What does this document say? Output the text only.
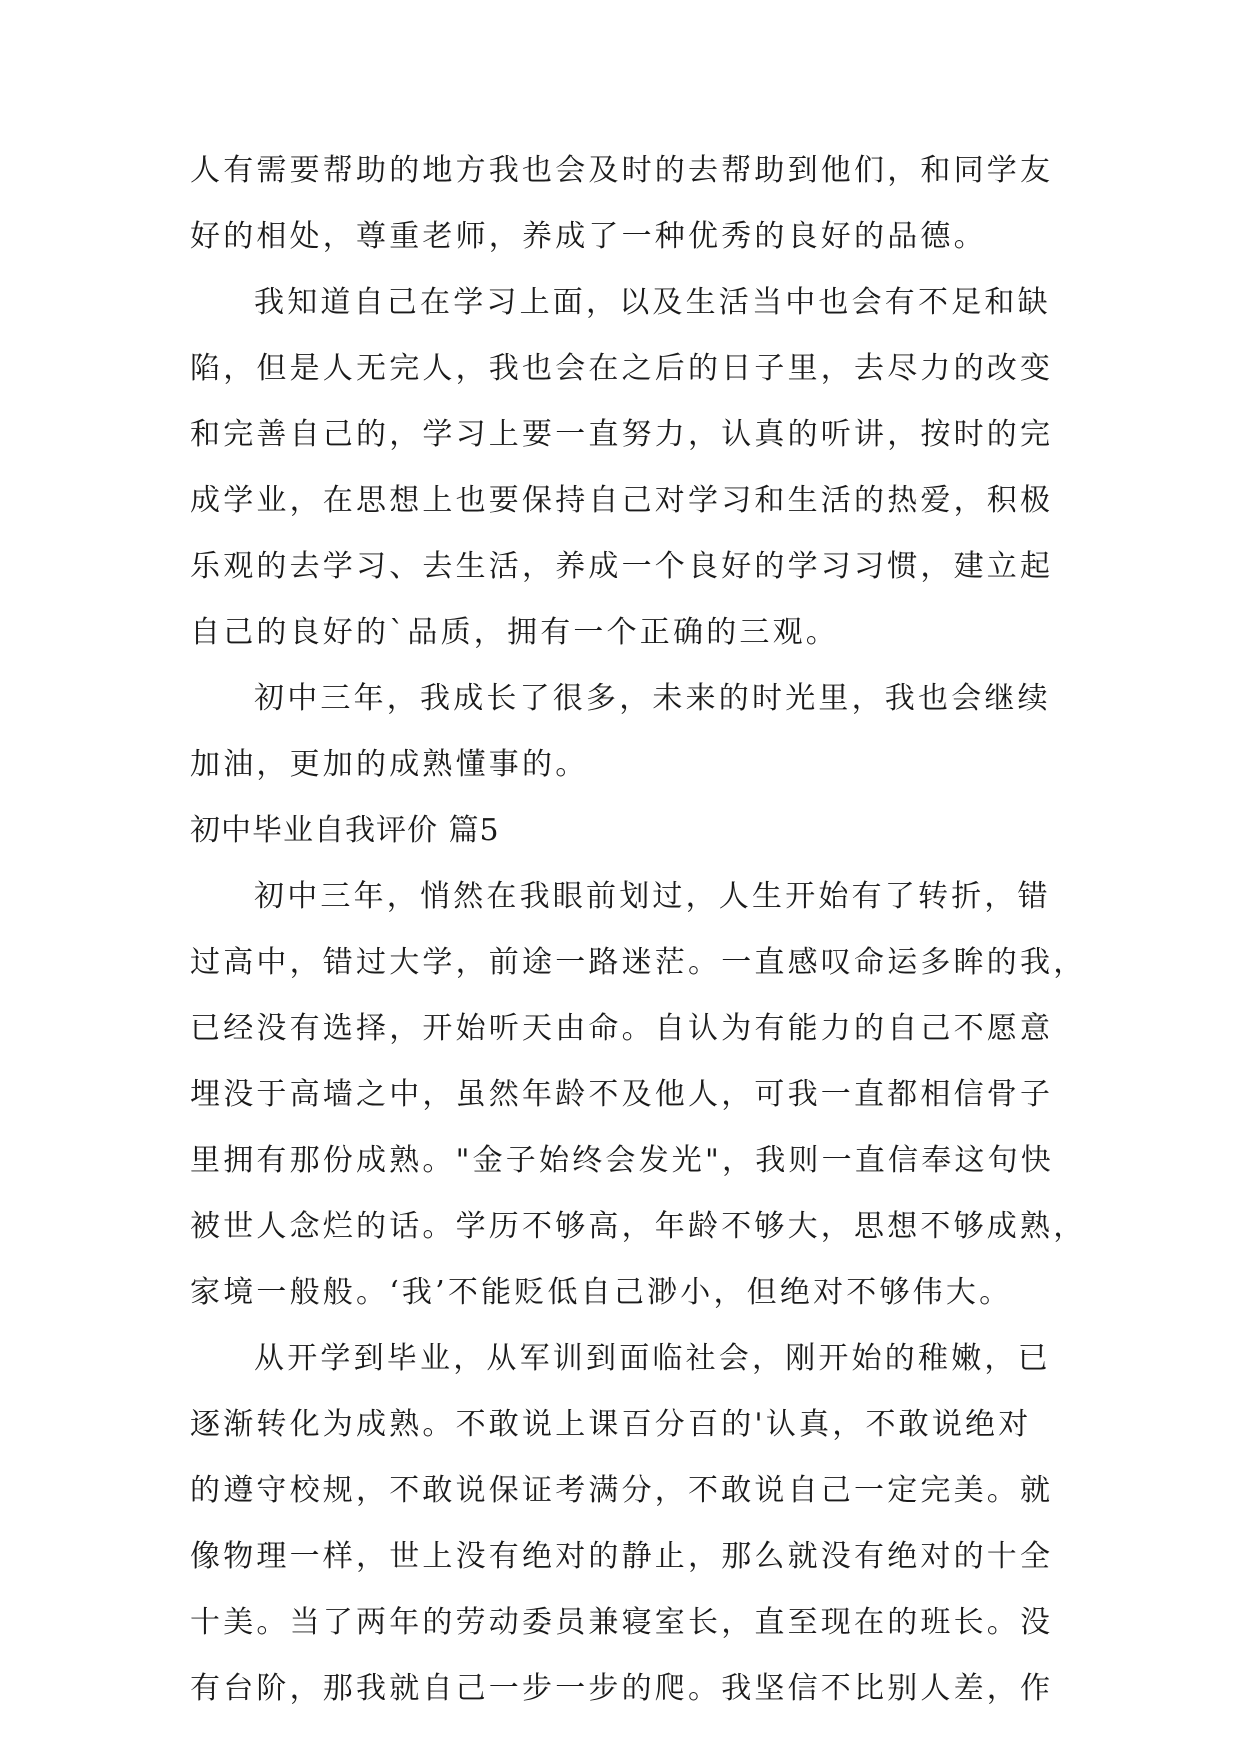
人有需要帮助的地方我也会及时的去帮助到他们，和同学友
好的相处，尊重老师，养成了一种优秀的良好的品德。
我知道自己在学习上面，以及生活当中也会有不足和缺
陷，但是人无完人，我也会在之后的日子里，去尽力的改变
和完善自己的，学习上要一直努力，认真的听讲，按时的完
成学业，在思想上也要保持自己对学习和生活的热爱，积极
乐观的去学习、去生活，养成一个良好的学习习惯，建立起
自己的良好的`品质，拥有一个正确的三观。
初中三年，我成长了很多，未来的时光里，我也会继续
加油，更加的成熟懂事的。
初中毕业自我评价 篇5
初中三年，悄然在我眼前划过，人生开始有了转折，错
过高中，错过大学，前途一路迷茫。一直感叹命运多眸的我，
已经没有选择，开始听天由命。自认为有能力的自己不愿意
埋没于高墙之中，虽然年龄不及他人，可我一直都相信骨子
里拥有那份成熟。"金子始终会发光"，我则一直信奉这句快
被世人念烂的话。学历不够高，年龄不够大，思想不够成熟，
家境一般般。‘我’不能贬低自己渺小，但绝对不够伟大。
从开学到毕业，从军训到面临社会，刚开始的稚嫩，已
逐渐转化为成熟。不敢说上课百分百的'认真，不敢说绝对
的遵守校规，不敢说保证考满分，不敢说自己一定完美。就
像物理一样，世上没有绝对的静止，那么就没有绝对的十全
十美。当了两年的劳动委员兼寝室长，直至现在的班长。没
有台阶，那我就自己一步一步的爬。我坚信不比别人差，作
